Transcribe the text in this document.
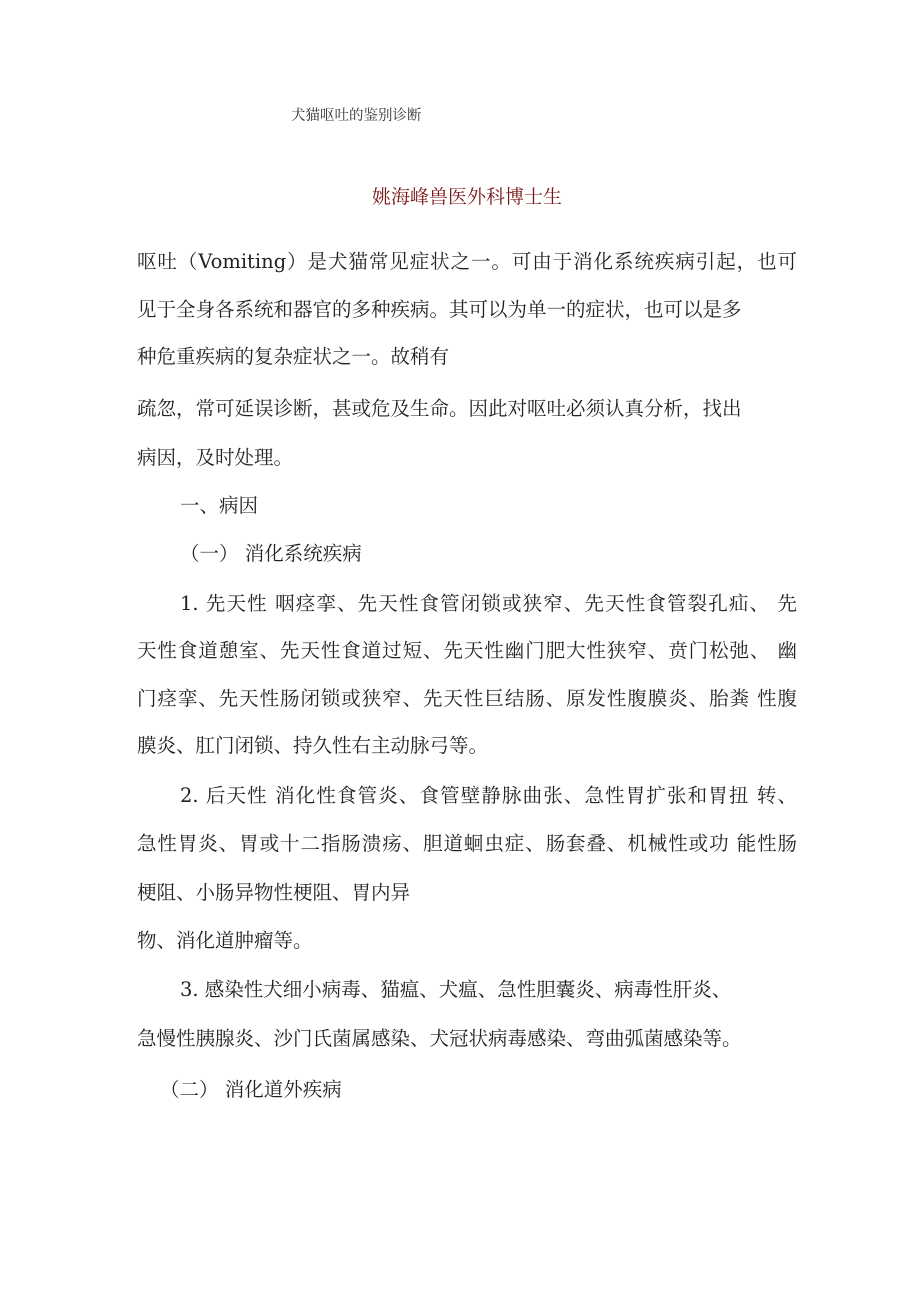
犬猫呕吐的鉴别诊断
姚海峰兽医外科博士生
呕吐（Vomiting）是犬猫常见症状之一。可由于消化系统疾病引起，也可
见于全身各系统和器官的多种疾病。其可以为单一的症状，也可以是多
种危重疾病的复杂症状之一。故稍有
疏忽，常可延误诊断，甚或危及生命。因此对呕吐必须认真分析，找出
病因，及时处理。
一、病因
（一） 消化系统疾病
1. 先天性 咽痉挛、先天性食管闭锁或狭窄、先天性食管裂孔疝、 先
天性食道憩室、先天性食道过短、先天性幽门肥大性狭窄、贲门松弛、 幽
门痉挛、先天性肠闭锁或狭窄、先天性巨结肠、原发性腹膜炎、胎粪 性腹
膜炎、肛门闭锁、持久性右主动脉弓等。
2. 后天性 消化性食管炎、食管壁静脉曲张、急性胃扩张和胃扭 转、
急性胃炎、胃或十二指肠溃疡、胆道蛔虫症、肠套叠、机械性或功 能性肠
梗阻、小肠异物性梗阻、胃内异
物、消化道肿瘤等。
3. 感染性犬细小病毒、猫瘟、犬瘟、急性胆囊炎、病毒性肝炎、
急慢性胰腺炎、沙门氏菌属感染、犬冠状病毒感染、弯曲弧菌感染等。
（二） 消化道外疾病
